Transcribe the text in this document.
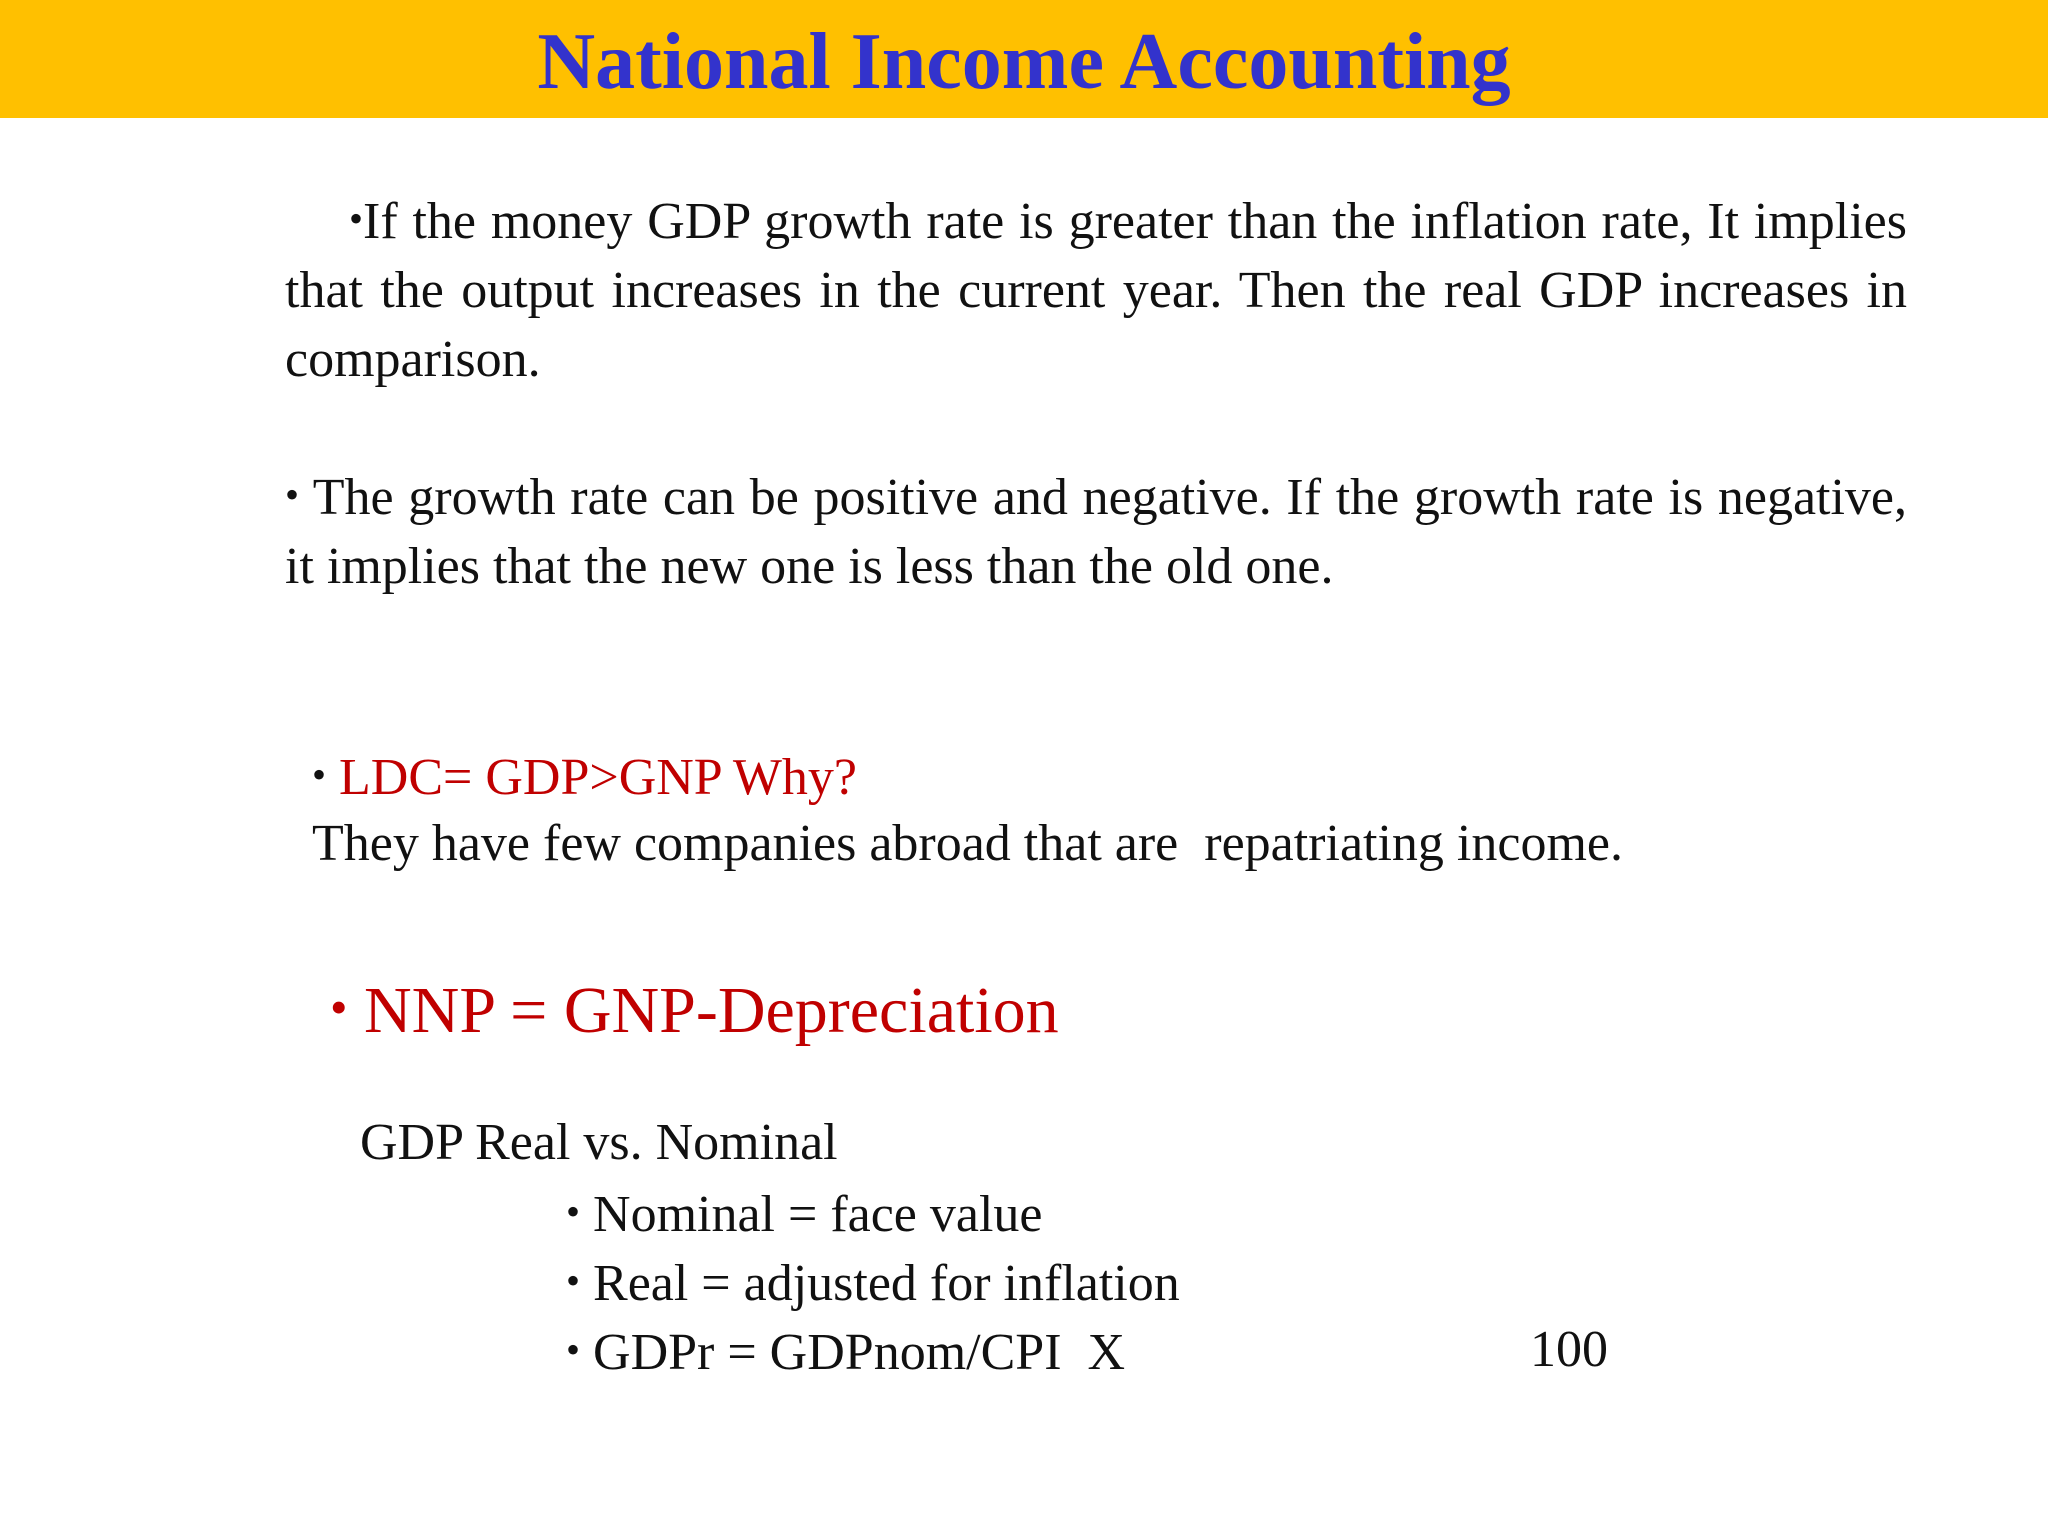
National Income Accounting

•If the money GDP growth rate is greater than the inflation rate, It implies that the output increases in the current year. Then the real GDP increases in comparison.

• The growth rate can be positive and negative. If the growth rate is negative, it implies that the new one is less than the old one.

• LDC= GDP>GNP Why?

They have few companies abroad that are  repatriating income.

• NNP = GNP-Depreciation

GDP Real vs. Nominal

• Nominal = face value

• Real = adjusted for inflation

• GDPr = GDPnom/CPI  X	100
